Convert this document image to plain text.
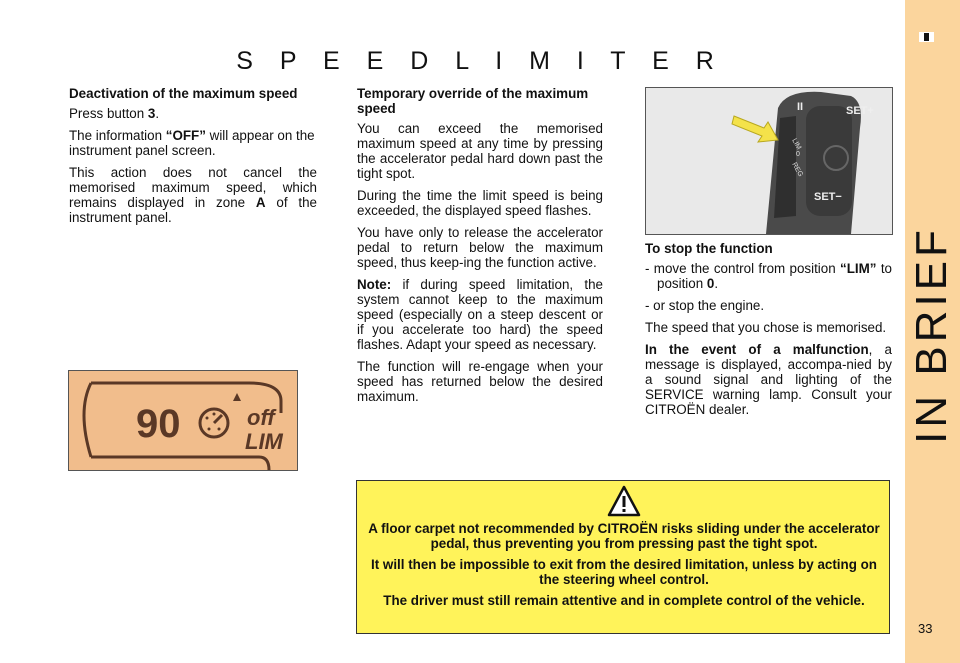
IN BRIEF
S P E E D L I M I T E R

Deactivation of the maximum speed

Press button 3.

The information “OFF” will appear on the instrument panel screen.

This action does not cancel the memorised maximum speed, which remains displayed in zone A of the instrument panel.

90	off
LIM

Temporary override of the maximum speed

You can exceed the memorised maximum speed at any time by pressing the accelerator pedal hard down past the tight spot.

During the time the limit speed is being exceeded, the displayed speed flashes.

You have only to release the accelerator pedal to return below the maximum speed, thus keep-ing the function active.

Note: if during speed limitation, the system cannot keep to the maximum speed (especially on a steep descent or if you accelerate too hard) the speed flashes. Adapt your speed as necessary.

The function will re-engage when your speed has returned below the desired maximum.

II	SET+
LIM
0
REG
SET−

To stop the function

- move the control from position “LIM” to position 0.

- or stop the engine.

The speed that you chose is memorised.

In the event of a malfunction, a message is displayed, accompa-nied by a sound signal and lighting of the SERVICE warning lamp. Consult your CITROËN dealer.

A floor carpet not recommended by CITROËN risks sliding under the accelerator pedal, thus preventing you from pressing past the tight spot.

It will then be impossible to exit from the desired limitation, unless by acting on the steering wheel control.

The driver must still remain attentive and in complete control of the vehicle.

33
